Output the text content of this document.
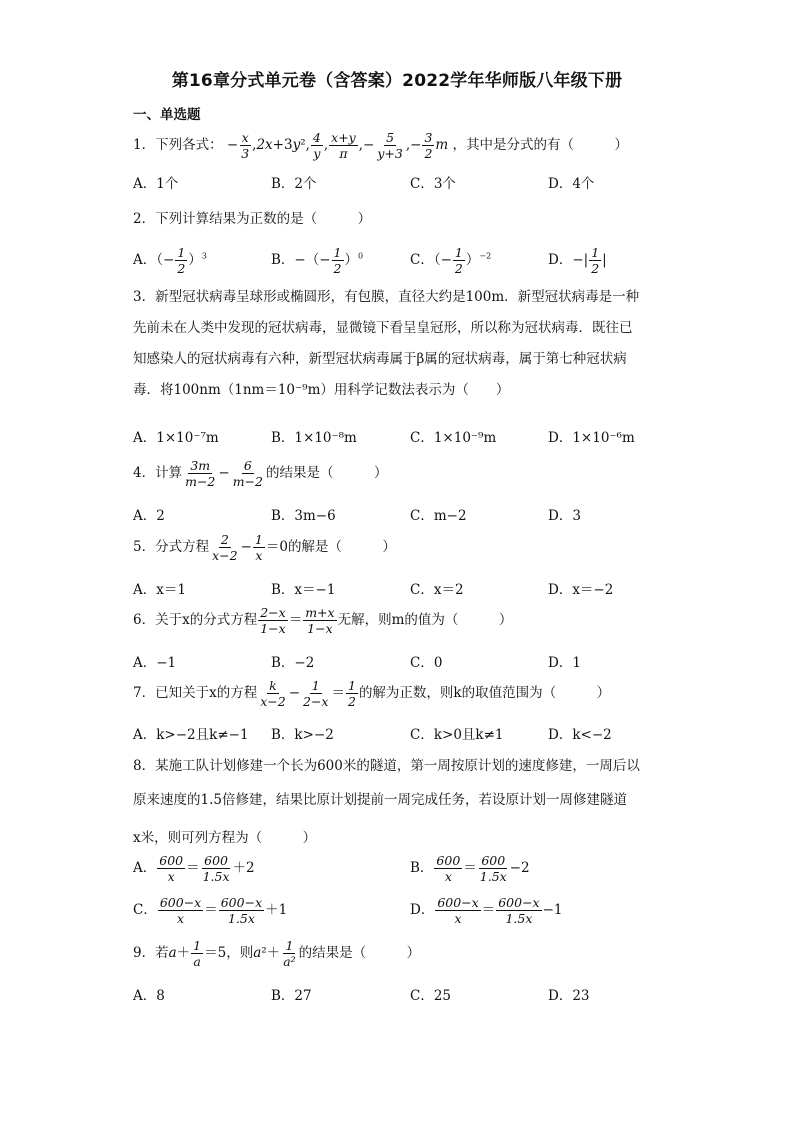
第16章分式单元卷（含答案）2022学年华师版八年级下册
一、单选题
1．下列各式： − $\frac{x}{3} ,2x+3y^2$, $\frac{4}{y}$ , $\frac{x+y}{\pi}$ ,− $\frac{5}{y+3}$ ,− $\frac{3}{2}$ m ，其中是分式的有（　　　）
A．1个	B．2个	C．3个	D．4个
2．下列计算结果为正数的是（　　　）
A．（− $\frac{1}{2} )^3$	B．−（− $\frac{1}{2} )^0$	C．（− $\frac{1}{2} )^{-2}$	D．−| $\frac{1}{2}$ |
3．新型冠状病毒呈球形或椭圆形，有包膜，直径大约是100m．新型冠状病毒是一种
先前未在人类中发现的冠状病毒，显微镜下看呈皇冠形，所以称为冠状病毒．既往已
知感染人的冠状病毒有六种，新型冠状病毒属于β属的冠状病毒，属于第七种冠状病
毒．将100nm（1nm＝10⁻⁹m）用科学记数法表示为（　　）
A．1×10⁻⁷m	B．1×10⁻⁸m	C．1×10⁻⁹m	D．1×10⁻⁶m
4．计算 $\frac{3m}{m-2} - \frac{6}{m-2}$ 的结果是（　　　）
A．2	B．3m−6	C．m−2	D．3
5．分式方程 $\frac{2}{x-2} - \frac{1}{x} =0$的解是（　　　）
A．x＝1	B．x＝−1	C．x＝2	D．x＝−2
6．关于x的分式方程 $\frac{2-x}{1-x} = \frac{m+x}{1-x}$ 无解，则m的值为（　　　）
A．−1	B．−2	C．0	D．1
7．已知关于x的方程 $\frac{k}{x-2} - \frac{1}{2-x} = \frac{1}{2}$ 的解为正数，则k的取值范围为（　　　）
A．k>−2且k≠−1 B．k>−2	C．k>0且k≠1	D．k<−2
8．某施工队计划修建一个长为600米的隧道，第一周按原计划的速度修建，一周后以
原来速度的1.5倍修建，结果比原计划提前一周完成任务，若设原计划一周修建隧道
x米，则可列方程为（　　　）
A． $\frac{600}{x} = \frac{600}{1.5x} +2$	B． $\frac{600}{x} = \frac{600}{1.5x} -2$
C． $\frac{600-x}{x} = \frac{600-x}{1.5x} +1$	D． $\frac{600-x}{x} = \frac{600-x}{1.5x} -1$
9．若$a+ \frac{1}{a} =5$，则$a^2+ \frac{1}{\text{a²}}$ 的结果是（　　　）
A．8	B．27	C．25	D．23
